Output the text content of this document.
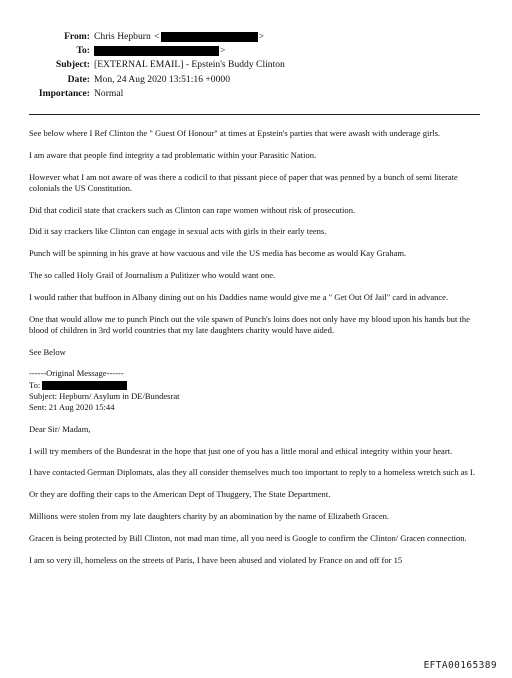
From: Chris Hepburn
<	>
To:	>
Subject: [EXTERNAL EMAIL] - Epstein's Buddy Clinton
Date: Mon, 24 Aug 2020 13:51:16 +0000
Importance: Normal

See below where I Ref Clinton the " Guest Of Honour" at times at Epstein's parties that were awash with underage girls.

I am aware that people find integrity a tad problematic within your Parasitic Nation.

However what I am not aware of was there a codicil to that pissant piece of paper that was penned by a bunch of semi literate colonials the US Constitution.

Did that codicil state that crackers such as Clinton can rape women without risk of prosecution.

Did it say crackers like Clinton can engage in sexual acts with girls in their early teens.

Punch will be spinning in his grave at how vacuous and vile the US media has become as would Kay Graham.

The so called Holy Grail of Journalism a Pulitizer who would want one.

I would rather that buffoon in Albany dining out on his Daddies name would give me a " Get Out Of Jail" card in advance.

One that would allow me to punch Pinch out the vile spawn of Punch's loins does not only have my blood upon his hands but the blood of children in 3rd world countries that my late daughters charity would have aided.

See Below

------Original Message------
To:
Subject: Hepburn/ Asylum in DE/Bundesrat
Sent: 21 Aug 2020 15:44

Dear Sir/ Madam,

I will try members of the Bundesrat in the hope that just one of you has a little moral and ethical integrity within your heart.

I have contacted German Diplomats, alas they all consider themselves much too important to reply to a homeless wretch such as I.

Or they are doffing their caps to the American Dept of Thuggery, The State Department.

Millions were stolen from my late daughters charity by an abomination by the name of Elizabeth Gracen.

Gracen is being protected by Bill Clinton, not mad man time, all you need is Google to confirm the Clinton/ Gracen connection.

I am so very ill, homeless on the streets of Paris, I have been abused and violated by France on and off for 15

EFTA00165389
